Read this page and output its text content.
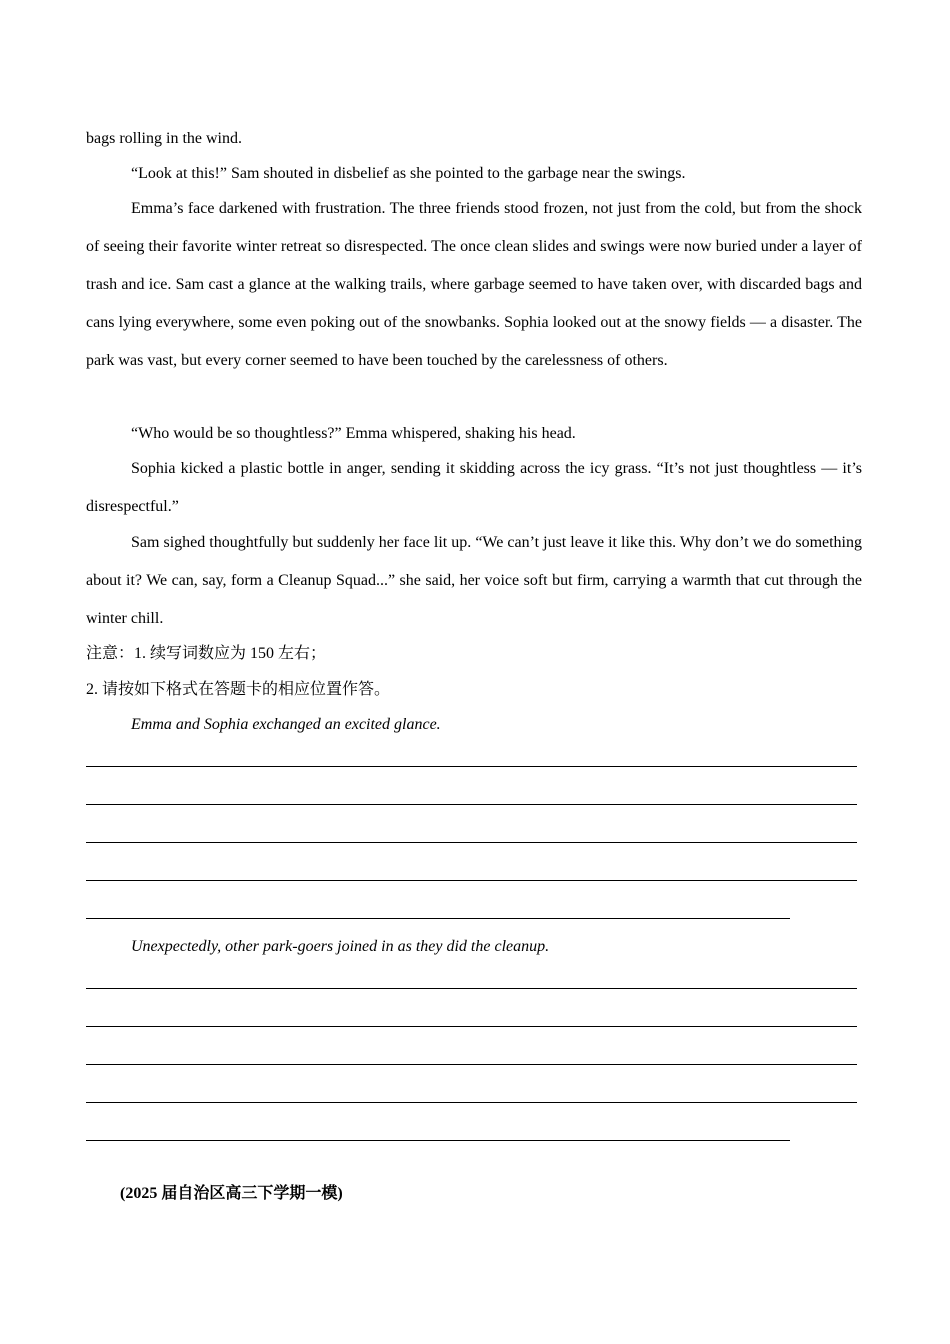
bags rolling in the wind.

“Look at this!” Sam shouted in disbelief as she pointed to the garbage near the swings.

Emma’s face darkened with frustration. The three friends stood frozen, not just from the cold, but from the shock of seeing their favorite winter retreat so disrespected. The once clean slides and swings were now buried under a layer of trash and ice. Sam cast a glance at the walking trails, where garbage seemed to have taken over, with discarded bags and cans lying everywhere, some even poking out of the snowbanks. Sophia looked out at the snowy fields — a disaster. The park was vast, but every corner seemed to have been touched by the carelessness of others.

“Who would be so thoughtless?” Emma whispered, shaking his head.

Sophia kicked a plastic bottle in anger, sending it skidding across the icy grass. “It’s not just thoughtless — it’s disrespectful.”

Sam sighed thoughtfully but suddenly her face lit up. “We can’t just leave it like this. Why don’t we do something about it? We can, say, form a Cleanup Squad...” she said, her voice soft but firm, carrying a warmth that cut through the winter chill.

注意：1. 续写词数应为 150 左右；

2. 请按如下格式在答题卡的相应位置作答。

Emma and Sophia exchanged an excited glance.

Unexpectedly, other park-goers joined in as they did the cleanup.

(2025 届自治区高三下学期一模)
